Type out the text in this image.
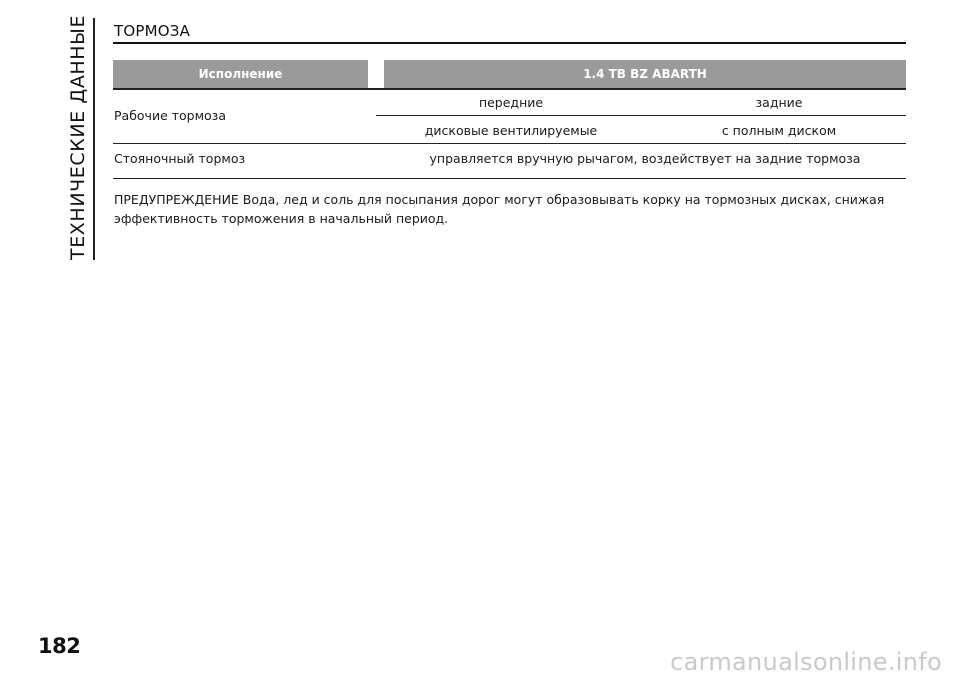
ТЕХНИЧЕСКИЕ ДАННЫЕ	ТОРМОЗА
Исполнение	1.4 TB BZ ABARTH
Рабочие тормоза
передние	задние
дисковые вентилируемые	с полным диском
Стояночный тормоз	управляется вручную рычагом, воздействует на задние тормоза
ПРЕДУПРЕЖДЕНИЕ Вода, лед и соль для посыпания дорог могут образовывать корку на тормозных дисках, снижая эффективность торможения в начальный период.
182
carmanualsonline.info
